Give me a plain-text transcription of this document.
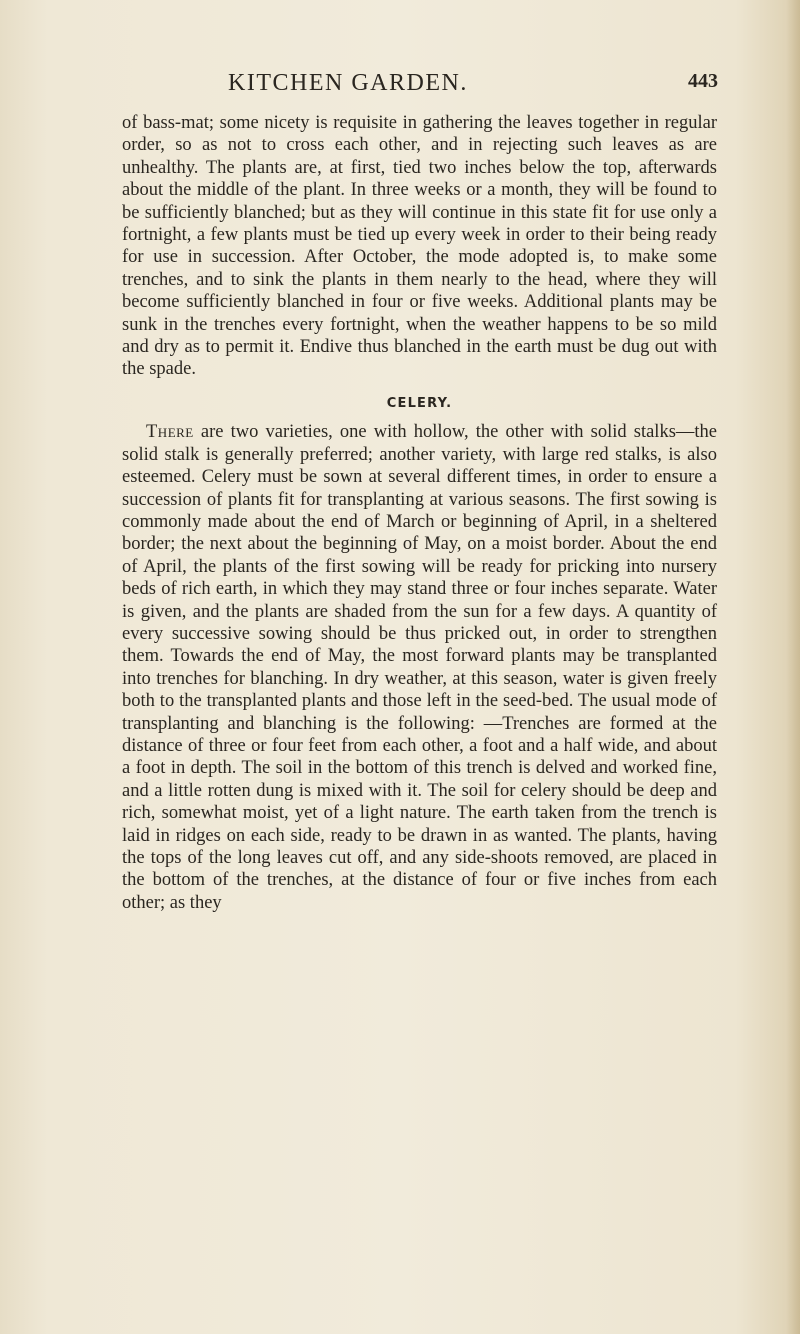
KITCHEN GARDEN.	443

of bass-mat; some nicety is requisite in gathering the leaves together in regular order, so as not to cross each other, and in rejecting such leaves as are unhealthy. The plants are, at first, tied two inches below the top, afterwards about the middle of the plant. In three weeks or a month, they will be found to be sufficiently blanched; but as they will continue in this state fit for use only a fortnight, a few plants must be tied up every week in order to their being ready for use in succession. After October, the mode adopted is, to make some trenches, and to sink the plants in them nearly to the head, where they will become sufficiently blanched in four or five weeks. Additional plants may be sunk in the trenches every fortnight, when the weather happens to be so mild and dry as to permit it. Endive thus blanched in the earth must be dug out with the spade.

CELERY.

There are two varieties, one with hollow, the other with solid stalks—the solid stalk is generally preferred; another variety, with large red stalks, is also esteemed. Celery must be sown at several different times, in order to ensure a succession of plants fit for transplanting at various seasons. The first sowing is commonly made about the end of March or beginning of April, in a sheltered border; the next about the beginning of May, on a moist border. About the end of April, the plants of the first sowing will be ready for pricking into nursery beds of rich earth, in which they may stand three or four inches separate. Water is given, and the plants are shaded from the sun for a few days. A quantity of every successive sowing should be thus pricked out, in order to strengthen them. Towards the end of May, the most forward plants may be transplanted into trenches for blanching. In dry weather, at this season, water is given freely both to the transplanted plants and those left in the seed-bed. The usual mode of transplanting and blanching is the following: —Trenches are formed at the distance of three or four feet from each other, a foot and a half wide, and about a foot in depth. The soil in the bottom of this trench is delved and worked fine, and a little rotten dung is mixed with it. The soil for celery should be deep and rich, somewhat moist, yet of a light nature. The earth taken from the trench is laid in ridges on each side, ready to be drawn in as wanted. The plants, having the tops of the long leaves cut off, and any side-shoots removed, are placed in the bottom of the trenches, at the distance of four or five inches from each other; as they
